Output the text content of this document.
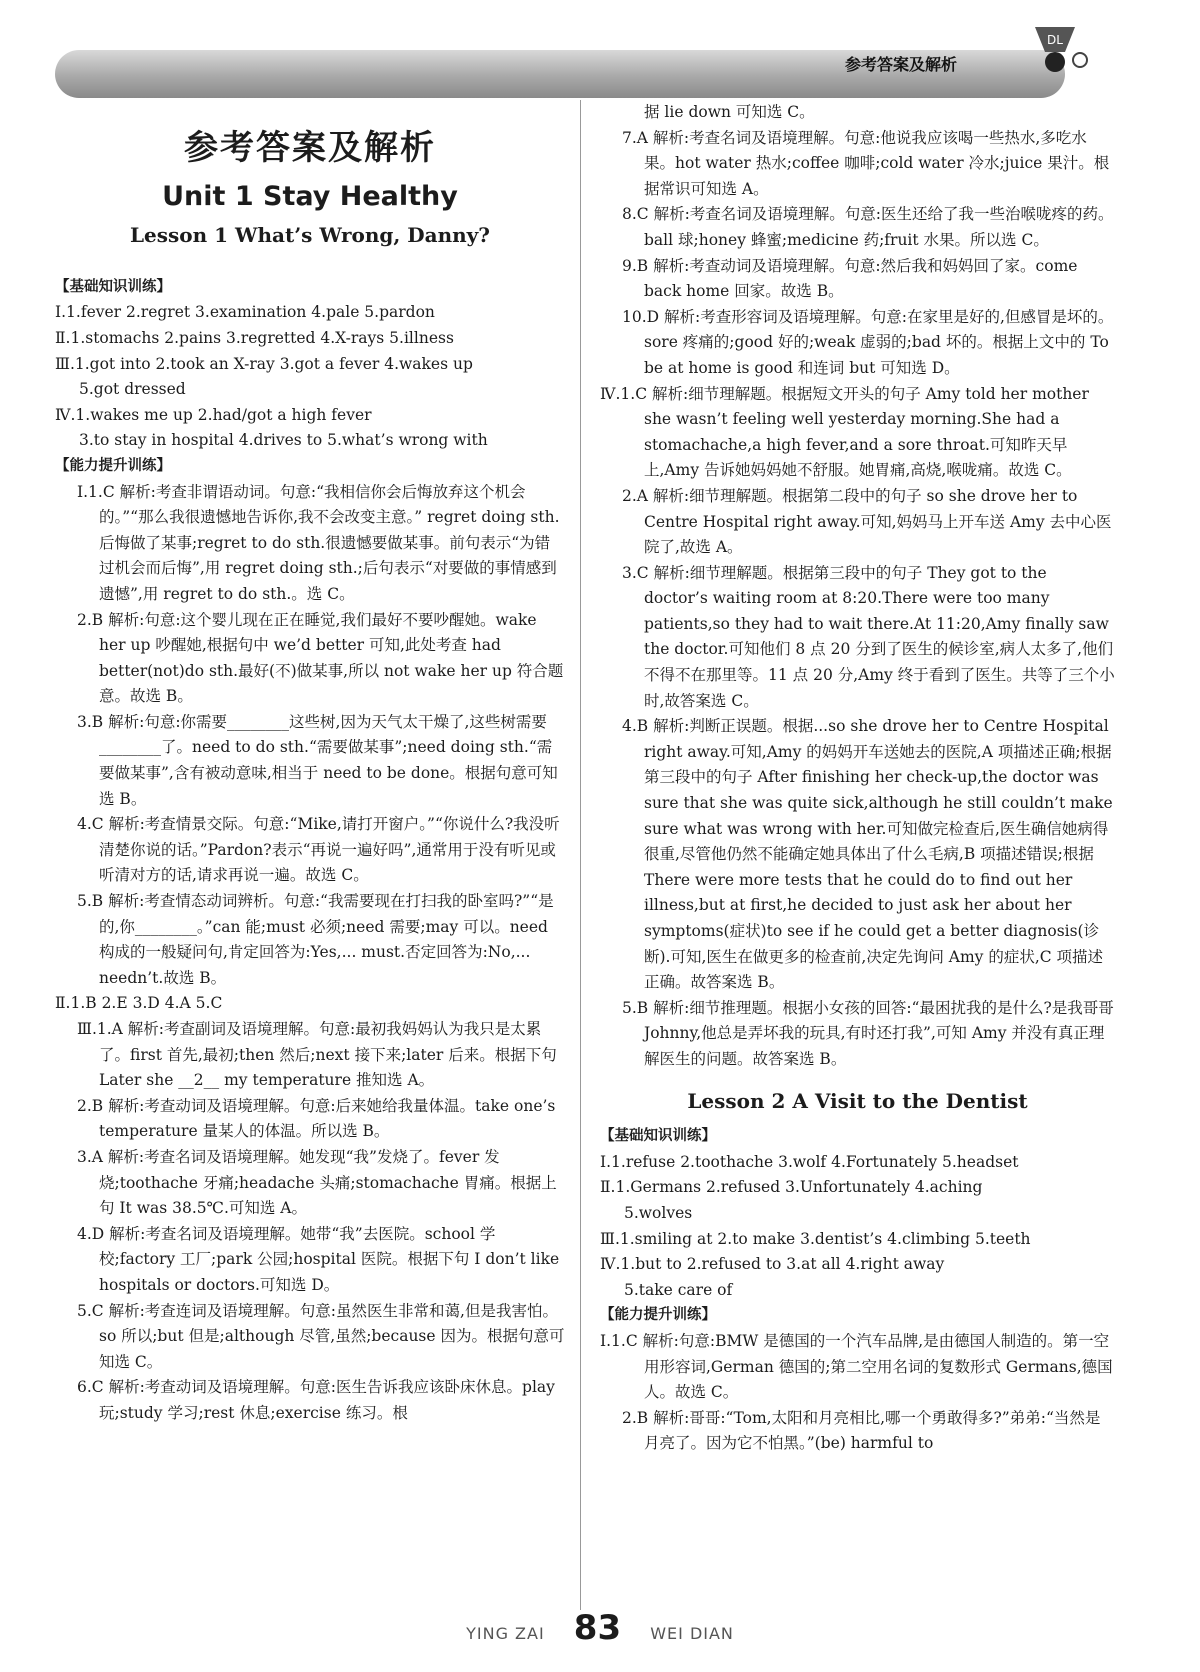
参考答案及解析
DL
参考答案及解析
Unit 1 Stay Healthy
Lesson 1 What’s Wrong, Danny?
【基础知识训练】

Ⅰ.1.fever 2.regret 3.examination 4.pale 5.pardon

Ⅱ.1.stomachs 2.pains 3.regretted 4.X-rays 5.illness

Ⅲ.1.got into 2.took an X-ray 3.got a fever 4.wakes up

5.got dressed

Ⅳ.1.wakes me up 2.had/got a high fever

3.to stay in hospital 4.drives to 5.what’s wrong with

【能力提升训练】

Ⅰ.1.C 解析:考查非谓语动词。句意:“我相信你会后悔放弃这个机会的。”“那么我很遗憾地告诉你,我不会改变主意。” regret doing sth.后悔做了某事;regret to do sth.很遗憾要做某事。前句表示“为错过机会而后悔”,用 regret doing sth.;后句表示“对要做的事情感到遗憾”,用 regret to do sth.。选 C。

2.B 解析:句意:这个婴儿现在正在睡觉,我们最好不要吵醒她。wake her up 吵醒她,根据句中 we’d better 可知,此处考查 had better(not)do sth.最好(不)做某事,所以 not wake her up 符合题意。故选 B。

3.B 解析:句意:你需要________这些树,因为天气太干燥了,这些树需要________了。need to do sth.“需要做某事”;need doing sth.“需要做某事”,含有被动意味,相当于 need to be done。根据句意可知选 B。

4.C 解析:考查情景交际。句意:“Mike,请打开窗户。”“你说什么?我没听清楚你说的话。”Pardon?表示“再说一遍好吗”,通常用于没有听见或听清对方的话,请求再说一遍。故选 C。

5.B 解析:考查情态动词辨析。句意:“我需要现在打扫我的卧室吗?”“是的,你________。”can 能;must 必须;need 需要;may 可以。need 构成的一般疑问句,肯定回答为:Yes,... must.否定回答为:No,... needn’t.故选 B。

Ⅱ.1.B 2.E 3.D 4.A 5.C

Ⅲ.1.A 解析:考查副词及语境理解。句意:最初我妈妈认为我只是太累了。first 首先,最初;then 然后;next 接下来;later 后来。根据下句 Later she __2__ my temperature 推知选 A。

2.B 解析:考查动词及语境理解。句意:后来她给我量体温。take one’s temperature 量某人的体温。所以选 B。

3.A 解析:考查名词及语境理解。她发现“我”发烧了。fever 发烧;toothache 牙痛;headache 头痛;stomachache 胃痛。根据上句 It was 38.5℃.可知选 A。

4.D 解析:考查名词及语境理解。她带“我”去医院。school 学校;factory 工厂;park 公园;hospital 医院。根据下句 I don’t like hospitals or doctors.可知选 D。

5.C 解析:考查连词及语境理解。句意:虽然医生非常和蔼,但是我害怕。so 所以;but 但是;although 尽管,虽然;because 因为。根据句意可知选 C。

6.C 解析:考查动词及语境理解。句意:医生告诉我应该卧床休息。play 玩;study 学习;rest 休息;exercise 练习。根

据 lie down 可知选 C。

7.A 解析:考查名词及语境理解。句意:他说我应该喝一些热水,多吃水果。hot water 热水;coffee 咖啡;cold water 冷水;juice 果汁。根据常识可知选 A。

8.C 解析:考查名词及语境理解。句意:医生还给了我一些治喉咙疼的药。ball 球;honey 蜂蜜;medicine 药;fruit 水果。所以选 C。

9.B 解析:考查动词及语境理解。句意:然后我和妈妈回了家。come back home 回家。故选 B。

10.D 解析:考查形容词及语境理解。句意:在家里是好的,但感冒是坏的。sore 疼痛的;good 好的;weak 虚弱的;bad 坏的。根据上文中的 To be at home is good 和连词 but 可知选 D。

Ⅳ.1.C 解析:细节理解题。根据短文开头的句子 Amy told her mother she wasn’t feeling well yesterday morning.She had a stomachache,a high fever,and a sore throat.可知昨天早上,Amy 告诉她妈妈她不舒服。她胃痛,高烧,喉咙痛。故选 C。

2.A 解析:细节理解题。根据第二段中的句子 so she drove her to Centre Hospital right away.可知,妈妈马上开车送 Amy 去中心医院了,故选 A。

3.C 解析:细节理解题。根据第三段中的句子 They got to the doctor’s waiting room at 8:20.There were too many patients,so they had to wait there.At 11:20,Amy finally saw the doctor.可知他们 8 点 20 分到了医生的候诊室,病人太多了,他们不得不在那里等。11 点 20 分,Amy 终于看到了医生。共等了三个小时,故答案选 C。

4.B 解析:判断正误题。根据...so she drove her to Centre Hospital right away.可知,Amy 的妈妈开车送她去的医院,A 项描述正确;根据第三段中的句子 After finishing her check-up,the doctor was sure that she was quite sick,although he still couldn’t make sure what was wrong with her.可知做完检查后,医生确信她病得很重,尽管他仍然不能确定她具体出了什么毛病,B 项描述错误;根据 There were more tests that he could do to find out her illness,but at first,he decided to just ask her about her symptoms(症状)to see if he could get a better diagnosis(诊断).可知,医生在做更多的检查前,决定先询问 Amy 的症状,C 项描述正确。故答案选 B。

5.B 解析:细节推理题。根据小女孩的回答:“最困扰我的是什么?是我哥哥 Johnny,他总是弄坏我的玩具,有时还打我”,可知 Amy 并没有真正理解医生的问题。故答案选 B。

Lesson 2 A Visit to the Dentist
【基础知识训练】

Ⅰ.1.refuse 2.toothache 3.wolf 4.Fortunately 5.headset

Ⅱ.1.Germans 2.refused 3.Unfortunately 4.aching

5.wolves

Ⅲ.1.smiling at 2.to make 3.dentist’s 4.climbing 5.teeth

Ⅳ.1.but to 2.refused to 3.at all 4.right away

5.take care of

【能力提升训练】

Ⅰ.1.C 解析:句意:BMW 是德国的一个汽车品牌,是由德国人制造的。第一空用形容词,German 德国的;第二空用名词的复数形式 Germans,德国人。故选 C。

2.B 解析:哥哥:“Tom,太阳和月亮相比,哪一个勇敢得多?”弟弟:“当然是月亮了。因为它不怕黑。”(be) harmful to

YING ZAI 83 WEI DIAN
